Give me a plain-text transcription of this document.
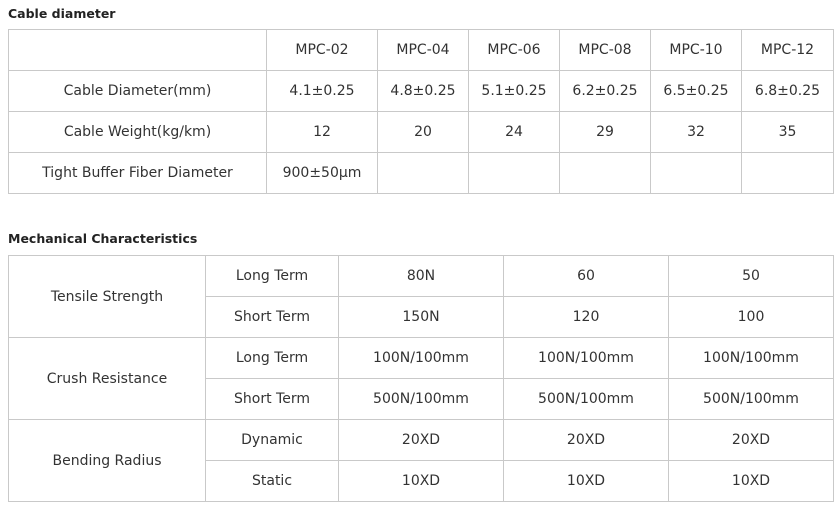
Cable diameter
	MPC-02	MPC-04	MPC-06	MPC-08	MPC-10	MPC-12
Cable Diameter(mm)	4.1±0.25	4.8±0.25	5.1±0.25	6.2±0.25	6.5±0.25	6.8±0.25
Cable Weight(kg/km)	12	20	24	29	32	35
Tight Buffer Fiber Diameter	900±50μm					
Mechanical Characteristics
Tensile Strength	Long Term	80N	60	50
	Short Term	150N	120	100
Crush Resistance	Long Term	100N/100mm	100N/100mm	100N/100mm
	Short Term	500N/100mm	500N/100mm	500N/100mm
Bending Radius	Dynamic	20XD	20XD	20XD
	Static	10XD	10XD	10XD
